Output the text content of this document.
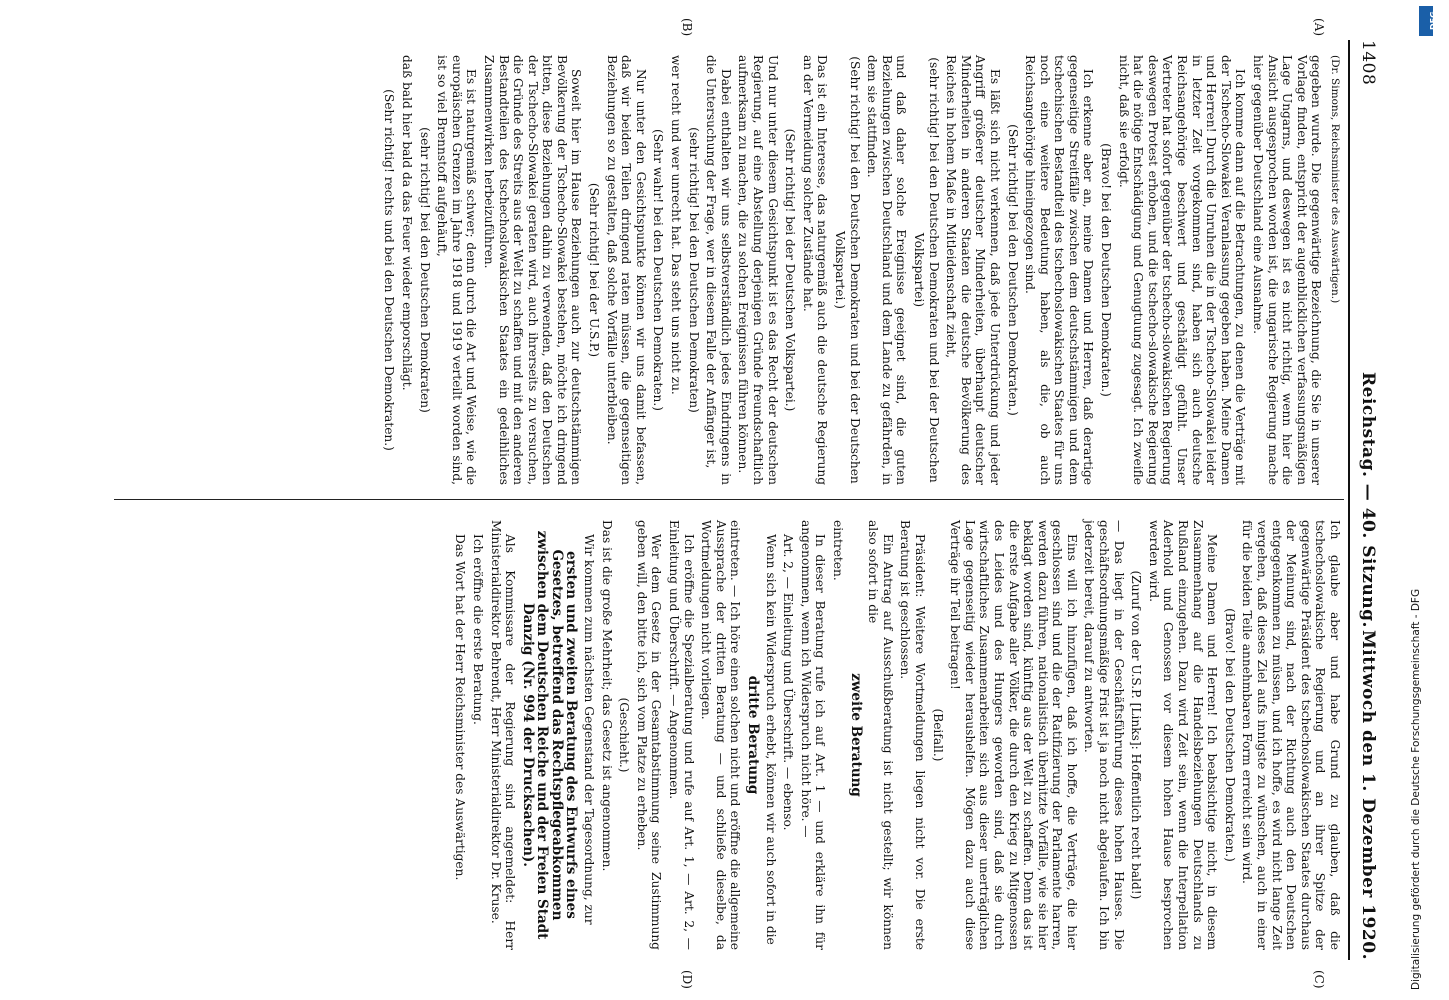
1408
Reichstag. — 40. Sitzung.
Mittwoch den 1. Dezember 1920.
(A)
(B)
(C)
(D)

(Dr. Simons, Reichsminister des Auswärtigen.)

gegeben wurde. Die gegenwärtige Bezeichnung, die Sie in unserer Vorlage finden, entspricht der augenblicklichen verfassungsmäßigen Lage Ungarns, und deswegen ist es nicht richtig, wenn hier die Ansicht ausgesprochen worden ist, die ungarische Regierung mache hier gegenüber Deutschland eine Ausnahme.

Ich komme dann auf die Betrachtungen, zu denen die Verträge mit der Tschecho-Slowakei Veranlassung gegeben haben. Meine Damen und Herren! Durch die Unruhen die in der Tschecho-Slowakei leider in letzter Zeit vorgekommen sind, haben sich auch deutsche Reichsangehörige beschwert und geschädigt gefühlt. Unser Vertreter hat sofort gegenüber der tschecho-slowakischen Regierung deswegen Protest erhoben, und die tschecho-slowakische Regierung hat die nötige Entschädigung und Genugtuung zugesagt. Ich zweifle nicht, daß sie erfolgt.

(Bravo! bei den Deutschen Demokraten.)

Ich erkenne aber an, meine Damen und Herren, daß derartige gegenseitige Streitfälle zwischen dem deutschstämmigen und dem tschechischen Bestandteil des tschechoslowakischen Staates für uns noch eine weitere Bedeutung haben, als die, ob auch Reichsangehörige hineingezogen sind.

(Sehr richtig! bei den Deutschen Demokraten.)

Es läßt sich nicht verkennen, daß jede Unterdrückung und jeder Angriff größerer deutscher Minderheiten, überhaupt deutscher Minderheiten in anderen Staaten die deutsche Bevölkerung des Reiches in hohem Maße in Mitleidenschaft zieht,

(sehr richtig! bei den Deutschen Demokraten und bei der Deutschen Volkspartei)

und daß daher solche Ereignisse geeignet sind, die guten Beziehungen zwischen Deutschland und dem Lande zu gefährden, in dem sie stattfinden.

(Sehr richtig! bei den Deutschen Demokraten und bei der Deutschen Volkspartei.)

Das ist ein Interesse, das naturgemäß auch die deutsche Regierung an der Vermeidung solcher Zustände hat.

(Sehr richtig! bei der Deutschen Volkspartei.)

Und nur unter diesem Gesichtspunkt ist es das Recht der deutschen Regierung, auf eine Abstellung derjenigen Gründe freundschaftlich aufmerksam zu machen, die zu solchen Ereignissen führen können.

Dabei enthalten wir uns selbstverständlich jedes Eindringens in die Untersuchung der Frage, wer in diesem Falle der Anfänger ist,

(sehr richtig! bei den Deutschen Demokraten)

wer recht und wer unrecht hat. Das steht uns nicht zu.

(Sehr wahr! bei den Deutschen Demokraten.)

Nur unter den Gesichtspunkte können wir uns damit befassen, daß wir beiden Teilen dringend raten müssen, die gegenseitigen Beziehungen so zu gestalten, daß solche Vorfälle unterbleiben.

(Sehr richtig! bei der U.S.P.)

Soweit hier im Hause Beziehungen auch zur deutschstämmigen Bevölkerung der Tschecho-Slowakei bestehen, möchte ich dringend bitten, diese Beziehungen dahin zu verwenden, daß den Deutschen der Tschecho-Slowakei geraten wird, auch ihrerseits zu versuchen, die Gründe des Streits aus der Welt zu schaffen und mit den anderen Bestandteilen des tschechoslowakischen Staates ein gedeihliches Zusammenwirken herbeizuführen.

Es ist naturgemäß schwer; denn durch die Art und Weise, wie die europäischen Grenzen im Jahre 1918 und 1919 verteilt worden sind, ist so viel Brennstoff aufgehäuft,

(sehr richtig! bei den Deutschen Demokraten)

daß bald hier bald da das Feuer wieder emporschlägt.

(Sehr richtig! rechts und bei den Deutschen Demokraten.)

Ich glaube aber und habe Grund zu glauben, daß die tschechoslowakische Regierung und an ihrer Spitze der gegenwärtige Präsident des tschechoslowakischen Staates durchaus der Meinung sind, nach der Richtung auch den Deutschen entgegenkommen zu müssen, und ich hoffe, es wird nicht lange Zeit vergehen, daß dieses Ziel aufs innigste zu wünschen, auch in einer für die beiden Teile annehmbaren Form erreicht sein wird.

(Bravo! bei den Deutschen Demokraten.)

Meine Damen und Herren! Ich beabsichtige nicht, in diesem Zusammenhang auf die Handelsbeziehungen Deutschlands zu Rußland einzugehen. Dazu wird Zeit sein, wenn die Interpellation Aderhold und Genossen vor diesem hohen Hause besprochen werden wird.

(Zuruf von der U.S.P. [Links]: Hoffentlich recht bald!)

— Das liegt in der Geschäftsführung dieses hohen Hauses. Die geschäftsordnungsmäßige Frist ist ja noch nicht abgelaufen. Ich bin jederzeit bereit, darauf zu antworten.

Eins will ich hinzufügen, daß ich hoffe, die Verträge, die hier geschlossen sind und die der Ratifizierung der Parlamente harren, werden dazu führen, nationalistisch überhitzte Vorfälle, wie sie hier beklagt worden sind, künftig aus der Welt zu schaffen. Denn das ist die erste Aufgabe aller Völker, die durch den Krieg zu Mitgenossen des Leides und des Hungers geworden sind, daß sie durch wirtschaftliches Zusammenarbeiten sich aus dieser unerträglichen Lage gegenseitig wieder heraushelfen. Mögen dazu auch diese Verträge ihr Teil beitragen!

(Beifall.)

Präsident: Weitere Wortmeldungen liegen nicht vor. Die erste Beratung ist geschlossen.

Ein Antrag auf Ausschußberatung ist nicht gestellt; wir können also sofort in die

zweite Beratung

eintreten.

In dieser Beratung rufe ich auf Art. 1 — und erkläre ihn für angenommen, wenn ich Widerspruch nicht höre. —

Art. 2, — Einleitung und Überschrift. — ebenso.

Wenn sich kein Widerspruch erhebt, können wir auch sofort in die

dritte Beratung

eintreten. — Ich höre einen solchen nicht und eröffne die allgemeine Aussprache der dritten Beratung — und schließe dieselbe, da Wortmeldungen nicht vorliegen.

Ich eröffne die Spezialberatung und rufe auf Art. 1, — Art. 2, — Einleitung und Überschrift. — Angenommen.

Wer dem Gesetz in der Gesamtabstimmung seine Zustimmung geben will, den bitte ich, sich vom Platze zu erheben.

(Geschieht.)

Das ist die große Mehrheit; das Gesetz ist angenommen.

Wir kommen zum nächsten Gegenstand der Tagesordnung, zur

ersten und zweiten Beratung des Entwurfs eines Gesetzes, betreffend das Rechtspflegeabkommen zwischen dem Deutschen Reiche und der Freien Stadt Danzig (Nr. 994 der Drucksachen).

Als Kommissare der Regierung sind angemeldet: Herr Ministerialdirektor Behrendt, Herr Ministerialdirektor Dr. Kruse.

Ich eröffne die erste Beratung.

Das Wort hat der Herr Reichsminister des Auswärtigen.

DFG
Digitalisierung gefördert durch die Deutsche Forschungsgemeinschaft - DFG
